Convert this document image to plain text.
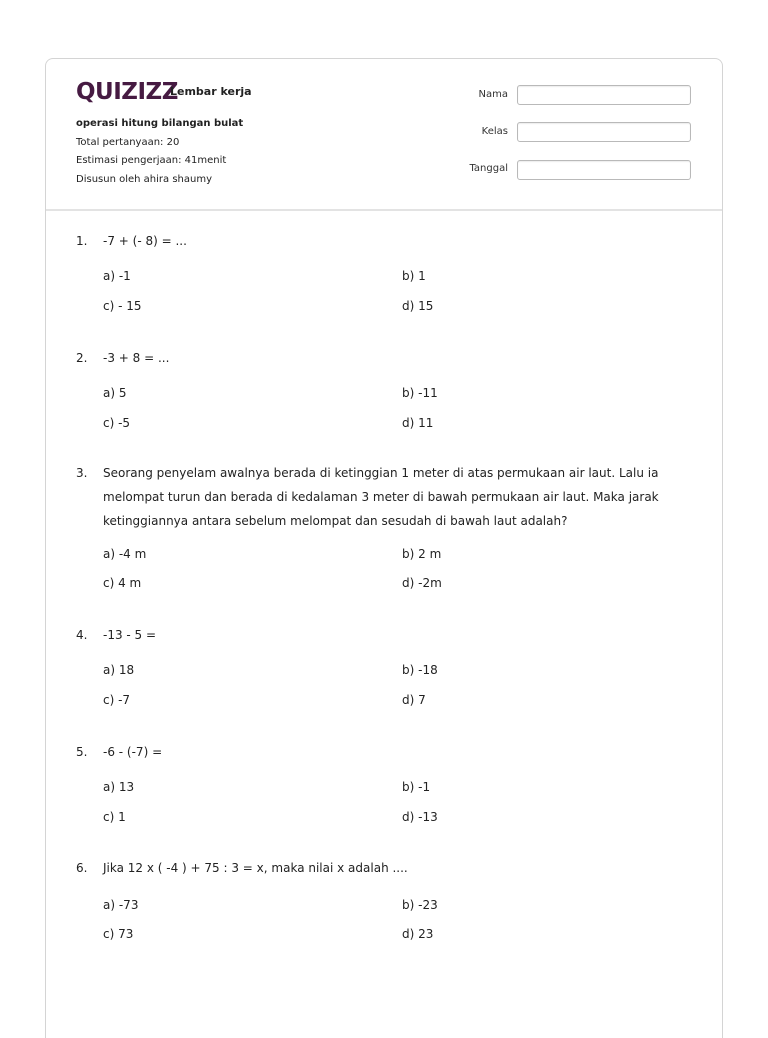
QUIZIZZ
Lembar kerja
operasi hitung bilangan bulat
Total pertanyaan: 20
Estimasi pengerjaan: 41menit
Disusun oleh ahira shaumy
Nama
Kelas
Tanggal
1. -7 + (- 8) = ...
a) -1	b) 1
c) - 15	d) 15
2. -3 + 8 = ...
a) 5	b) -11
c) -5	d) 11
3. Seorang penyelam awalnya berada di ketinggian 1 meter di atas permukaan air laut. Lalu ia melompat turun dan berada di kedalaman 3 meter di bawah permukaan air laut. Maka jarak ketinggiannya antara sebelum melompat dan sesudah di bawah laut adalah?
a) -4 m	b) 2 m
c) 4 m	d) -2m
4. -13 - 5 =
a) 18	b) -18
c) -7	d) 7
5. -6 - (-7) =
a) 13	b) -1
c) 1	d) -13
6. Jika 12 x ( -4 ) + 75 : 3 = x, maka nilai x adalah ....
a) -73	b) -23
c) 73	d) 23
